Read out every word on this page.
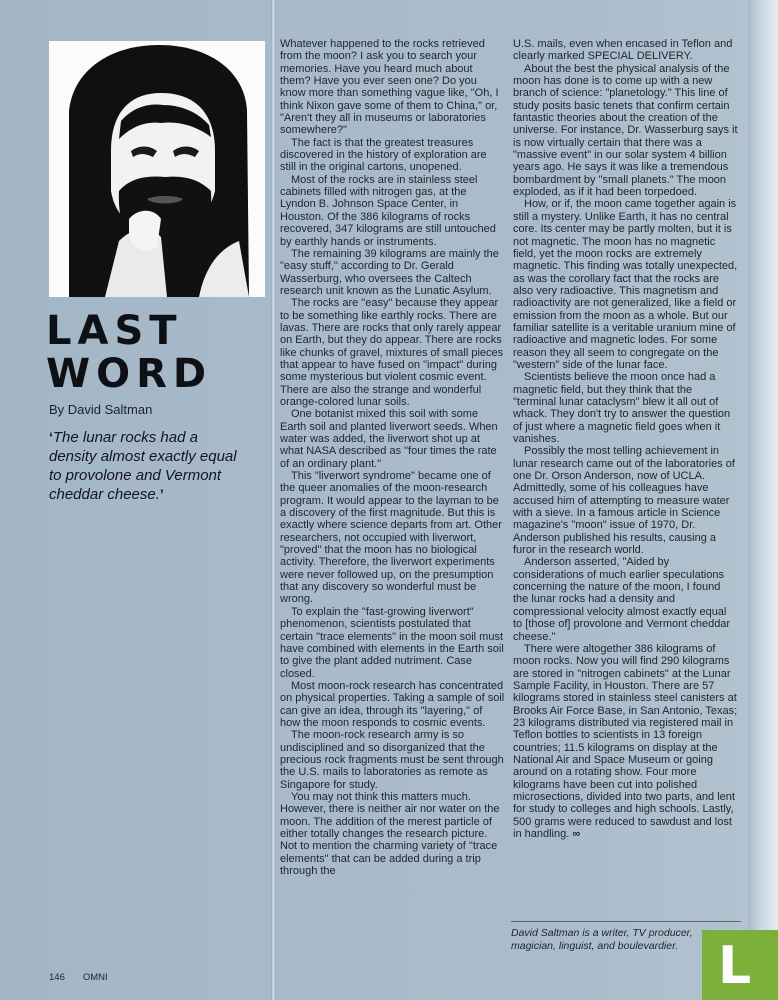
LAST
WORD
By David Saltman
‘The lunar rocks had a density almost exactly equal to provolone and Vermont cheddar cheese.’

Whatever happened to the rocks retrieved from the moon? I ask you to search your memories. Have you heard much about them? Have you ever seen one? Do you know more than something vague like, "Oh, I think Nixon gave some of them to China," or, "Aren't they all in museums or laboratories somewhere?"

The fact is that the greatest treasures discovered in the history of exploration are still in the original cartons, unopened.

Most of the rocks are in stainless steel cabinets filled with nitrogen gas, at the Lyndon B. Johnson Space Center, in Houston. Of the 386 kilograms of rocks recovered, 347 kilograms are still untouched by earthly hands or instruments.

The remaining 39 kilograms are mainly the "easy stuff," according to Dr. Gerald Wasserburg, who oversees the Caltech research unit known as the Lunatic Asylum.

The rocks are "easy" because they appear to be something like earthly rocks. There are lavas. There are rocks that only rarely appear on Earth, but they do appear. There are rocks like chunks of gravel, mixtures of small pieces that appear to have fused on "impact" during some mysterious but violent cosmic event. There are also the strange and wonderful orange-colored lunar soils.

One botanist mixed this soil with some Earth soil and planted liverwort seeds. When water was added, the liverwort shot up at what NASA described as "four times the rate of an ordinary plant."

This "liverwort syndrome" became one of the queer anomalies of the moon-research program. It would appear to the layman to be a discovery of the first magnitude. But this is exactly where science departs from art. Other researchers, not occupied with liverwort, "proved" that the moon has no biological activity. Therefore, the liverwort experiments were never followed up, on the presumption that any discovery so wonderful must be wrong.

To explain the "fast-growing liverwort" phenomenon, scientists postulated that certain "trace elements" in the moon soil must have combined with elements in the Earth soil to give the plant added nutriment. Case closed.

Most moon-rock research has concentrated on physical properties. Taking a sample of soil can give an idea, through its "layering," of how the moon responds to cosmic events.

The moon-rock research army is so undisciplined and so disorganized that the precious rock fragments must be sent through the U.S. mails to laboratories as remote as Singapore for study.

You may not think this matters much. However, there is neither air nor water on the moon. The addition of the merest particle of either totally changes the research picture. Not to mention the charming variety of "trace elements" that can be added during a trip through the

U.S. mails, even when encased in Teflon and clearly marked SPECIAL DELIVERY.

About the best the physical analysis of the moon has done is to come up with a new branch of science: "planetology." This line of study posits basic tenets that confirm certain fantastic theories about the creation of the universe. For instance, Dr. Wasserburg says it is now virtually certain that there was a "massive event" in our solar system 4 billion years ago. He says it was like a tremendous bombardment by "small planets." The moon exploded, as if it had been torpedoed.

How, or if, the moon came together again is still a mystery. Unlike Earth, it has no central core. Its center may be partly molten, but it is not magnetic. The moon has no magnetic field, yet the moon rocks are extremely magnetic. This finding was totally unexpected, as was the corollary fact that the rocks are also very radioactive. This magnetism and radioactivity are not generalized, like a field or emission from the moon as a whole. But our familiar satellite is a veritable uranium mine of radioactive and magnetic lodes. For some reason they all seem to congregate on the "western" side of the lunar face.

Scientists believe the moon once had a magnetic field, but they think that the "terminal lunar cataclysm" blew it all out of whack. They don't try to answer the question of just where a magnetic field goes when it vanishes.

Possibly the most telling achievement in lunar research came out of the laboratories of one Dr. Orson Anderson, now of UCLA. Admittedly, some of his colleagues have accused him of attempting to measure water with a sieve. In a famous article in Science magazine's "moon" issue of 1970, Dr. Anderson published his results, causing a furor in the research world.

Anderson asserted, "Aided by considerations of much earlier speculations concerning the nature of the moon, I found the lunar rocks had a density and compressional velocity almost exactly equal to [those of] provolone and Vermont cheddar cheese."

There were altogether 386 kilograms of moon rocks. Now you will find 290 kilograms are stored in "nitrogen cabinets" at the Lunar Sample Facility, in Houston. There are 57 kilograms stored in stainless steel canisters at Brooks Air Force Base, in San Antonio, Texas; 23 kilograms distributed via registered mail in Teflon bottles to scientists in 13 foreign countries; 11.5 kilograms on display at the National Air and Space Museum or going around on a rotating show. Four more kilograms have been cut into polished microsections, divided into two parts, and lent for study to colleges and high schools. Lastly, 500 grams were reduced to sawdust and lost in handling. ∞

David Saltman is a writer, TV producer, magician, linguist, and boulevardier.
146 OMNI	L
